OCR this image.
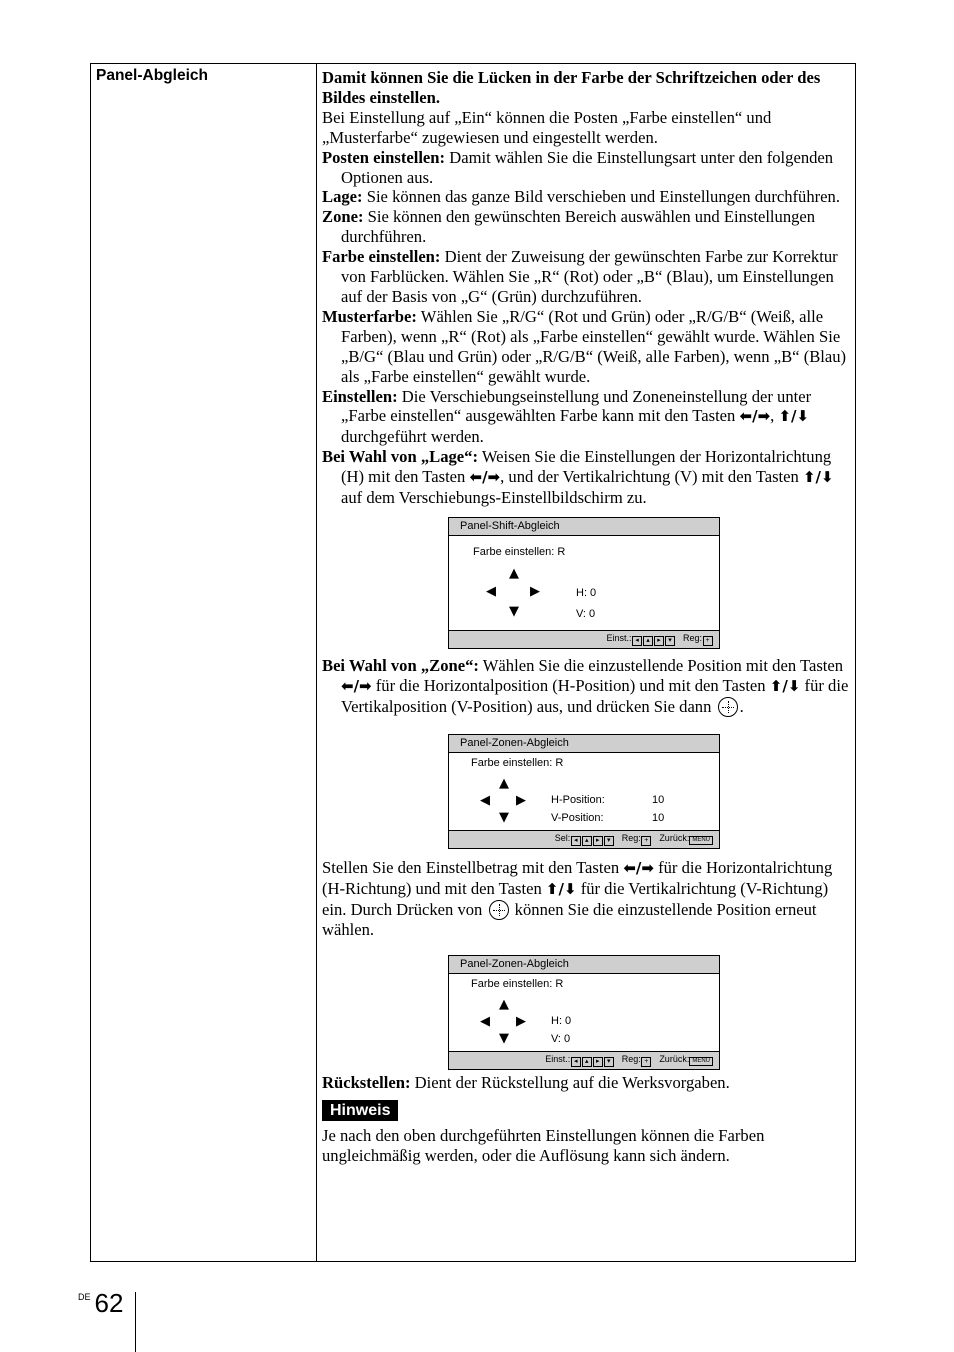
Panel-Abgleich	Damit können Sie die Lücken in der Farbe der Schriftzeichen oder des Bildes einstellen.

Bei Einstellung auf „Ein“ können die Posten „Farbe einstellen“ und „Musterfarbe“ zugewiesen und eingestellt werden.

Posten einstellen: Damit wählen Sie die Einstellungsart unter den folgenden Optionen aus.

Lage: Sie können das ganze Bild verschieben und Einstellungen durchführen.

Zone: Sie können den gewünschten Bereich auswählen und Einstellungen durchführen.

Farbe einstellen: Dient der Zuweisung der gewünschten Farbe zur Korrektur von Farblücken. Wählen Sie „R“ (Rot) oder „B“ (Blau), um Einstellungen auf der Basis von „G“ (Grün) durchzuführen.

Musterfarbe: Wählen Sie „R/G“ (Rot und Grün) oder „R/G/B“ (Weiß, alle Farben), wenn „R“ (Rot) als „Farbe einstellen“ gewählt wurde. Wählen Sie „B/G“ (Blau und Grün) oder „R/G/B“ (Weiß, alle Farben), wenn „B“ (Blau) als „Farbe einstellen“ gewählt wurde.

Einstellen: Die Verschiebungseinstellung und Zoneneinstellung der unter „Farbe einstellen“ ausgewählten Farbe kann mit den Tasten ⬅/➡, ⬆/⬇ durchgeführt werden.

Bei Wahl von „Lage“: Weisen Sie die Einstellungen der Horizontalrichtung (H) mit den Tasten ⬅/➡, und der Vertikalrichtung (V) mit den Tasten ⬆/⬇ auf dem Verschiebungs-Einstellbildschirm zu.

Panel-Shift-Abgleich
Farbe einstellen: R
▲
◀	▶
▼
H: 0
V: 0
Einst.: ◂ ▴ ▸ ▾ Reg: +

Bei Wahl von „Zone“: Wählen Sie die einzustellende Position mit den Tasten
⬅/➡ für die Horizontalposition (H-Position) und mit den Tasten ⬆/⬇ für die Vertikalposition (V-Position) aus, und drücken Sie dann .

Panel-Zonen-Abgleich
Farbe einstellen: R
▲
◀ ▶
▼
H-Position:	10
V-Position:	10
Sel: ◂ ▴ ▸ ▾ Reg: + Zurück: MENU

Stellen Sie den Einstellbetrag mit den Tasten ⬅/➡ für die Horizontalrichtung (H-Richtung) und mit den Tasten ⬆/⬇ für die Vertikalrichtung (V-Richtung) ein. Durch Drücken von können Sie die einzustellende Position erneut wählen.

Panel-Zonen-Abgleich
Farbe einstellen: R
▲
◀ ▶
▼
H: 0
V: 0
Einst.: ◂ ▴ ▸ ▾ Reg: + Zurück: MENU

Rückstellen: Dient der Rückstellung auf die Werksvorgaben.

Hinweis

Je nach den oben durchgeführten Einstellungen können die Farben ungleichmäßig werden, oder die Auflösung kann sich ändern.

$^{DE}$ 62
